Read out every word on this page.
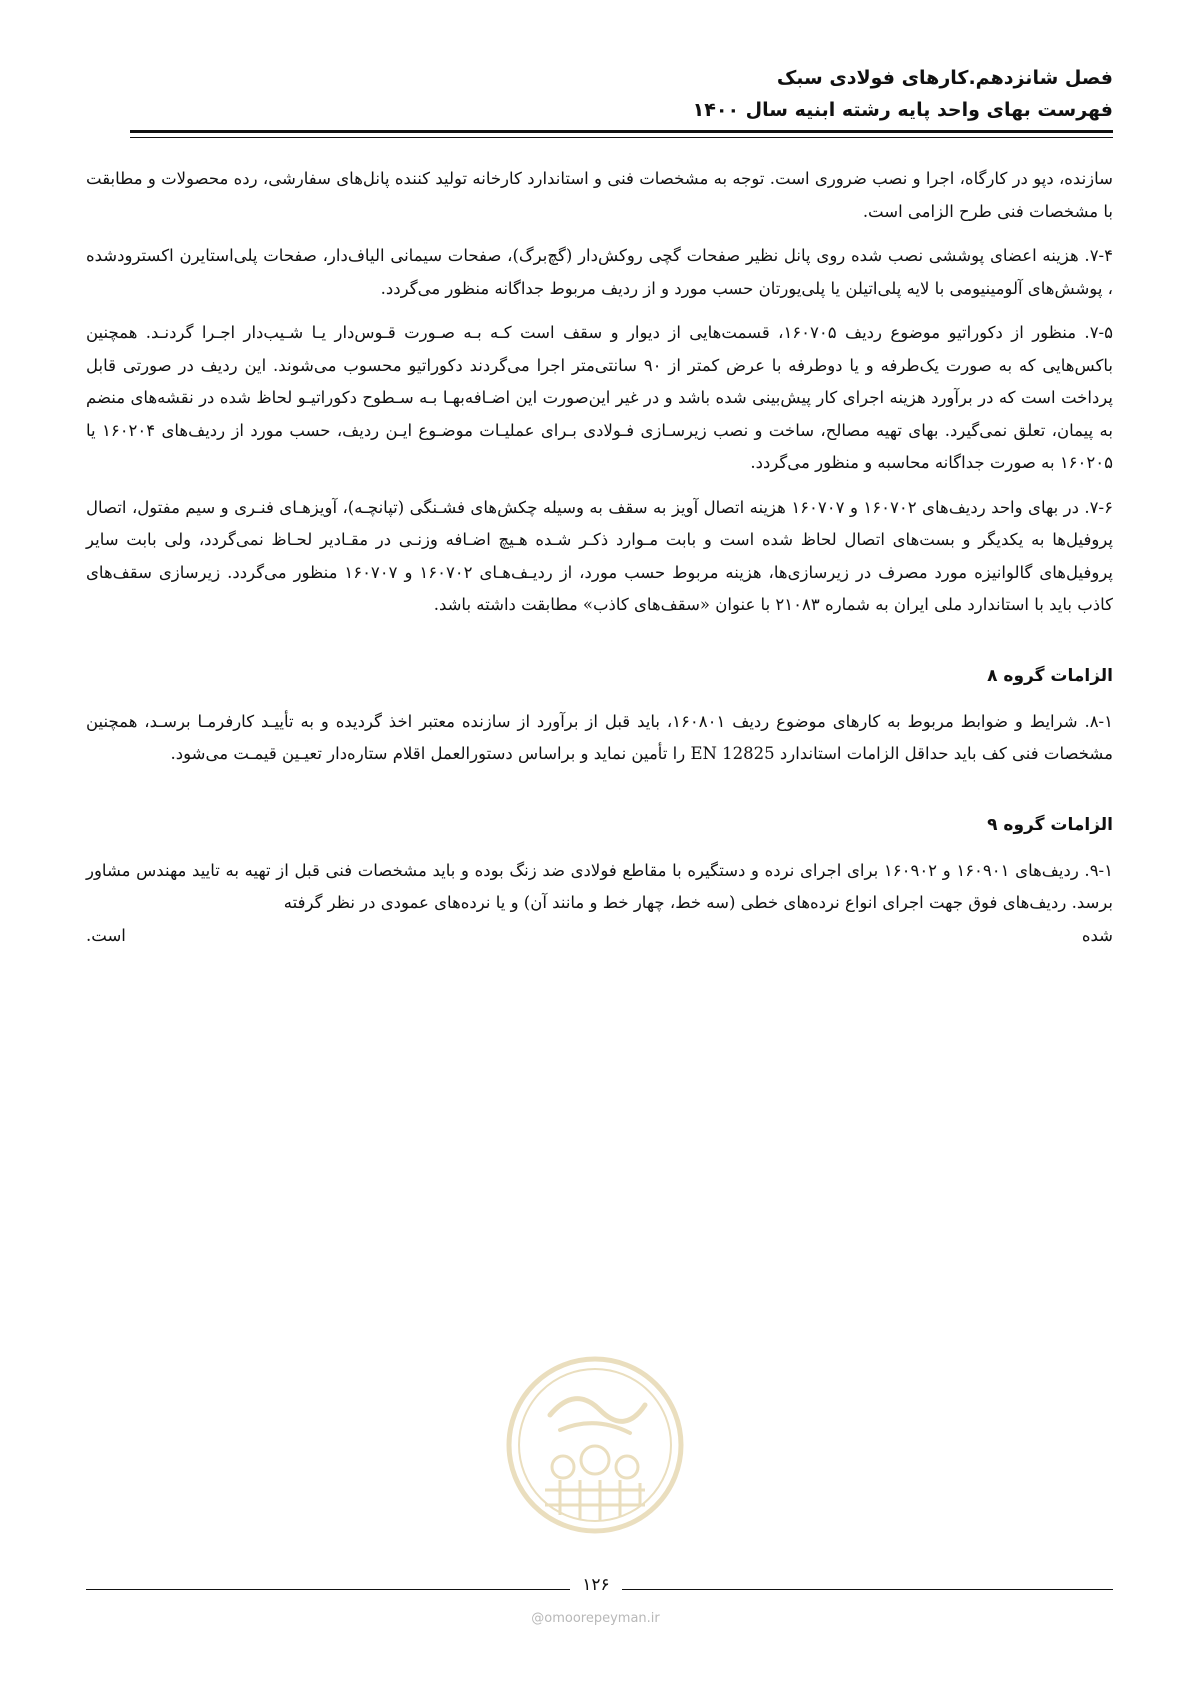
فصل شانزدهم.کارهای فولادی سبک
فهرست بهای واحد پایه رشته ابنیه سال ۱۴۰۰

سازنده، دپو در کارگاه، اجرا و نصب ضروری است. توجه به مشخصات فنی و استاندارد کارخانه تولید کننده پانل‌های سفارشی، رده محصولات و مطابقت با مشخصات فنی طرح الزامی است.

۷-۴. هزینه اعضای پوششی نصب شده روی پانل نظیر صفحات گچی روکش‌دار (گچ‌برگ)، صفحات سیمانی الیاف‌دار، صفحات پلی‌استایرن اکسترودشده ، پوشش‌های آلومینیومی با لایه پلی‌اتیلن یا پلی‌یورتان حسب مورد و از ردیف مربوط جداگانه منظور می‌گردد.

۷-۵. منظور از دکوراتیو موضوع ردیف ۱۶۰۷۰۵، قسمت‌هایی از دیوار و سقف است کـه بـه صـورت قـوس‌دار یـا شـیب‌دار اجـرا گردنـد. همچنین باکس‌هایی که به صورت یک‌طرفه و یا دوطرفه با عرض کمتر از ۹۰ سانتی‌متر اجرا می‌گردند دکوراتیو محسوب می‌شوند. این ردیف در صورتی قابل پرداخت است که در برآورد هزینه اجرای کار پیش‌بینی شده باشد و در غیر این‌صورت این اضـافه‌بهـا بـه سـطوح دکوراتیـو لحاظ شده در نقشه‌های منضم به پیمان، تعلق نمی‌گیرد. بهای تهیه مصالح، ساخت و نصب زیرسـازی فـولادی بـرای عملیـات موضـوع ایـن ردیف، حسب مورد از ردیف‌های ۱۶۰۲۰۴ یا ۱۶۰۲۰۵ به صورت جداگانه محاسبه و منظور می‌گردد.

۷-۶. در بهای واحد ردیف‌های ۱۶۰۷۰۲ و ۱۶۰۷۰۷ هزینه اتصال آویز به سقف به وسیله چکش‌های فشـنگی (تپانچـه)، آویزهـای فنـری و سیم مفتول، اتصال پروفیل‌ها به یکدیگر و بست‌های اتصال لحاظ شده است و بابت مـوارد ذکـر شـده هـیچ اضـافه وزنـی در مقـادیر لحـاظ نمی‌گردد، ولی بابت سایر پروفیل‌های گالوانیزه مورد مصرف در زیرسازی‌ها، هزینه مربوط حسب مورد، از ردیـف‌هـای ۱۶۰۷۰۲ و ۱۶۰۷۰۷ منظور می‌گردد. زیرسازی سقف‌های کاذب باید با استاندارد ملی ایران به شماره ۲۱۰۸۳ با عنوان «سقف‌های کاذب» مطابقت داشته باشد.

الزامات گروه ۸

۸-۱. شرایط و ضوابط مربوط به کارهای موضوع ردیف ۱۶۰۸۰۱، باید قبل از برآورد از سازنده معتبر اخذ گردیده و به تأییـد کارفرمـا برسـد، همچنین مشخصات فنی کف باید حداقل الزامات استاندارد EN 12825 را تأمین نماید و براساس دستورالعمل اقلام ستاره‌دار تعیـین قیمـت می‌شود.

الزامات گروه ۹

۹-۱. ردیف‌های ۱۶۰۹۰۱ و ۱۶۰۹۰۲ برای اجرای نرده و دستگیره با مقاطع فولادی ضد زنگ بوده و باید مشخصات فنی قبل از تهیه به تایید مهندس مشاور برسد. ردیف‌های فوق جهت اجرای انواع نرده‌های خطی (سه خط، چهار خط و مانند آن) و یا نرده‌های عمودی در نظر گرفته

شده
است.
۱۲۶
@omoorepeyman.ir
